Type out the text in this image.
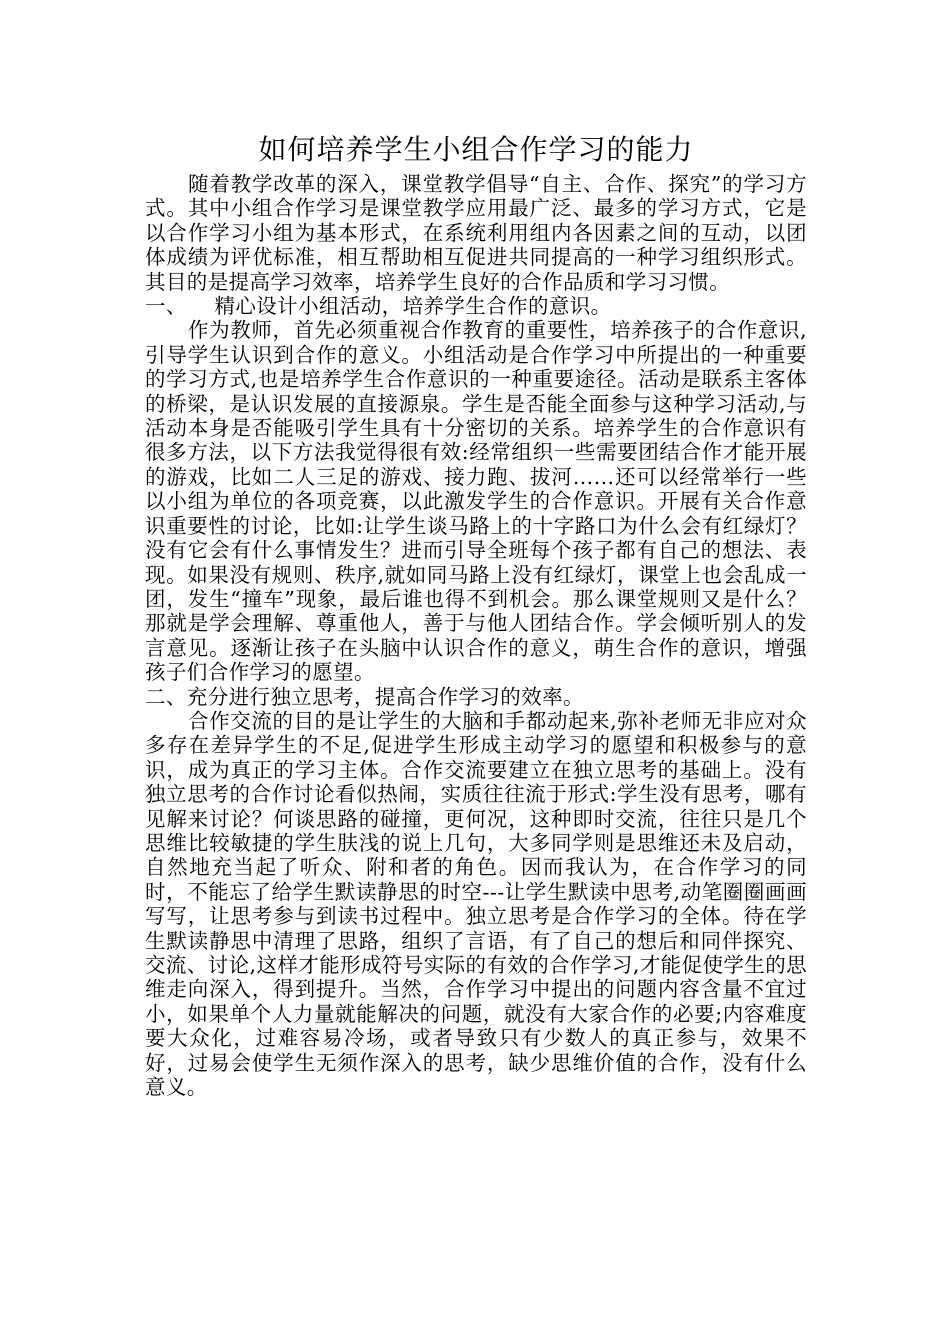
如何培养学生小组合作学习的能力

随着教学改革的深入，课堂教学倡导“自主、合作、探究”的学习方式。其中小组合作学习是课堂教学应用最广泛、最多的学习方式，它是以合作学习小组为基本形式，在系统利用组内各因素之间的互动，以团体成绩为评优标准，相互帮助相互促进共同提高的一种学习组织形式。其目的是提高学习效率，培养学生良好的合作品质和学习习惯。

一、    精心设计小组活动，培养学生合作的意识。

作为教师，首先必须重视合作教育的重要性，培养孩子的合作意识,引导学生认识到合作的意义。小组活动是合作学习中所提出的一种重要的学习方式,也是培养学生合作意识的一种重要途径。活动是联系主客体的桥梁，是认识发展的直接源泉。学生是否能全面参与这种学习活动,与活动本身是否能吸引学生具有十分密切的关系。培养学生的合作意识有很多方法，以下方法我觉得很有效:经常组织一些需要团结合作才能开展的游戏，比如二人三足的游戏、接力跑、拔河……还可以经常举行一些以小组为单位的各项竞赛，以此激发学生的合作意识。开展有关合作意识重要性的讨论，比如:让学生谈马路上的十字路口为什么会有红绿灯？没有它会有什么事情发生？进而引导全班每个孩子都有自己的想法、表现。如果没有规则、秩序,就如同马路上没有红绿灯，课堂上也会乱成一团，发生“撞车”现象，最后谁也得不到机会。那么课堂规则又是什么？那就是学会理解、尊重他人，善于与他人团结合作。学会倾听别人的发言意见。逐渐让孩子在头脑中认识合作的意义，萌生合作的意识，增强孩子们合作学习的愿望。

二、充分进行独立思考，提高合作学习的效率。

合作交流的目的是让学生的大脑和手都动起来,弥补老师无非应对众多存在差异学生的不足,促进学生形成主动学习的愿望和积极参与的意识，成为真正的学习主体。合作交流要建立在独立思考的基础上。没有独立思考的合作讨论看似热闹，实质往往流于形式:学生没有思考，哪有见解来讨论？何谈思路的碰撞，更何况，这种即时交流，往往只是几个思维比较敏捷的学生肤浅的说上几句，大多同学则是思维还未及启动，自然地充当起了听众、附和者的角色。因而我认为，在合作学习的同时，不能忘了给学生默读静思的时空---让学生默读中思考,动笔圈圈画画写写，让思考参与到读书过程中。独立思考是合作学习的全体。待在学生默读静思中清理了思路，组织了言语，有了自己的想后和同伴探究、交流、讨论,这样才能形成符号实际的有效的合作学习,才能促使学生的思维走向深入，得到提升。当然，合作学习中提出的问题内容含量不宜过小，如果单个人力量就能解决的问题，就没有大家合作的必要;内容难度要大众化，过难容易冷场，或者导致只有少数人的真正参与，效果不好，过易会使学生无须作深入的思考，缺少思维价值的合作，没有什么意义。
